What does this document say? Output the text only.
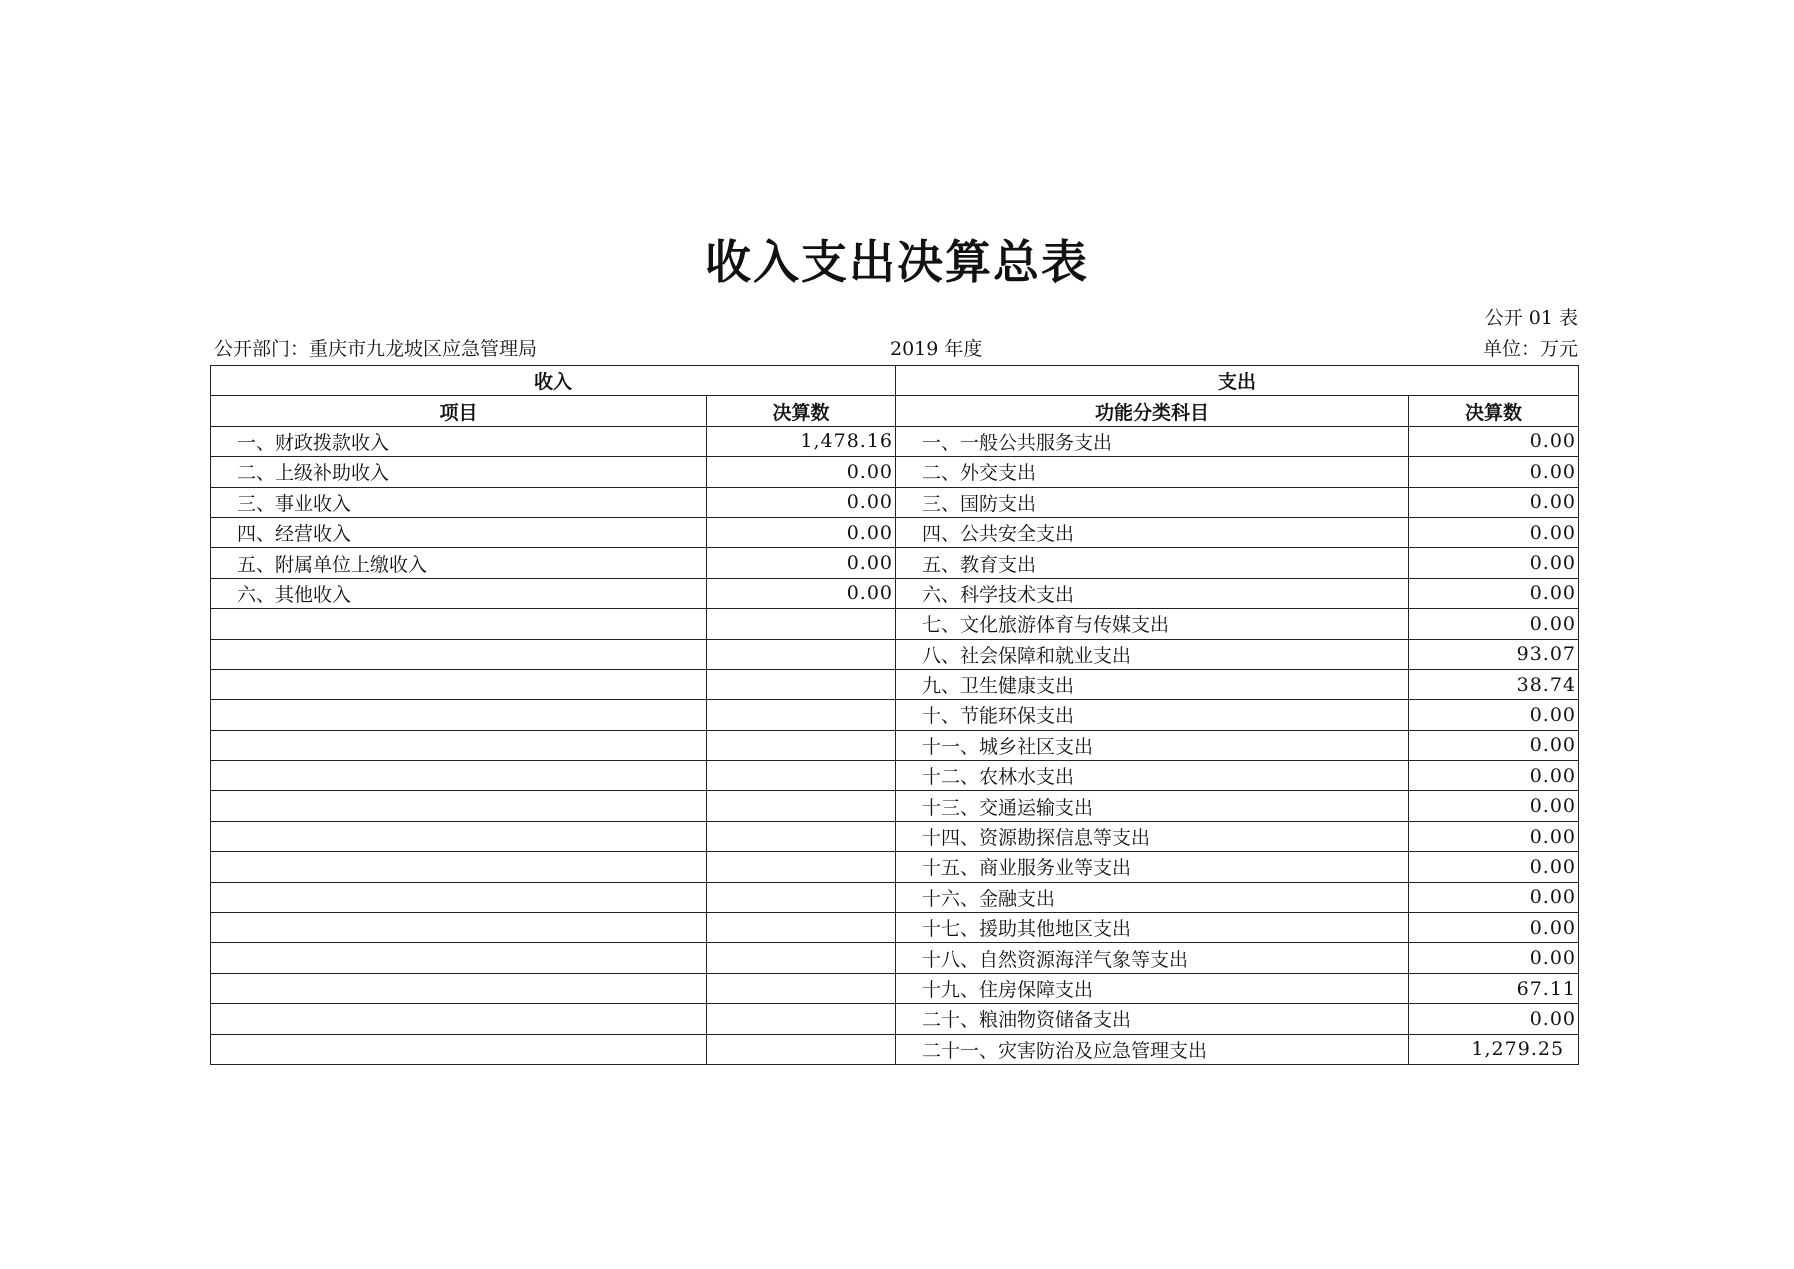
收入支出决算总表
公开 01 表
公开部门：重庆市九龙坡区应急管理局	2019 年度	单位：万元
收入		支出	
项目	决算数	功能分类科目	决算数
一、财政拨款收入	1,478.16	一、一般公共服务支出	0.00
二、上级补助收入	0.00	二、外交支出	0.00
三、事业收入	0.00	三、国防支出	0.00
四、经营收入	0.00	四、公共安全支出	0.00
五、附属单位上缴收入	0.00	五、教育支出	0.00
六、其他收入	0.00	六、科学技术支出	0.00
		七、文化旅游体育与传媒支出	0.00
		八、社会保障和就业支出	93.07
		九、卫生健康支出	38.74
		十、节能环保支出	0.00
		十一、城乡社区支出	0.00
		十二、农林水支出	0.00
		十三、交通运输支出	0.00
		十四、资源勘探信息等支出	0.00
		十五、商业服务业等支出	0.00
		十六、金融支出	0.00
		十七、援助其他地区支出	0.00
		十八、自然资源海洋气象等支出	0.00
		十九、住房保障支出	67.11
		二十、粮油物资储备支出	0.00
		二十一、灾害防治及应急管理支出	1,279.25
